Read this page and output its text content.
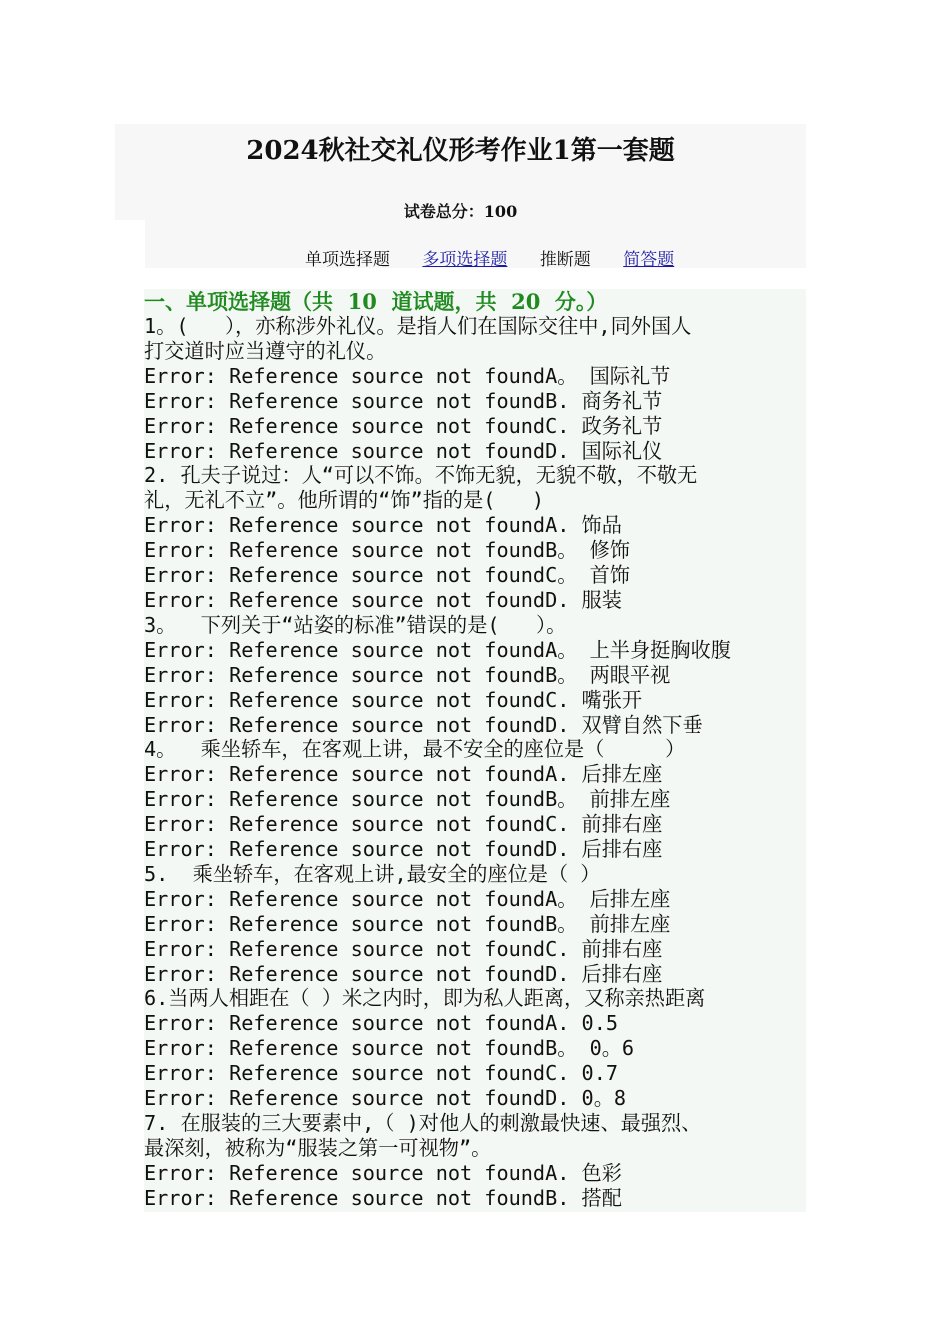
2024秋社交礼仪形考作业1第一套题
试卷总分：100
单项选择题 多项选择题 推断题 简答题
一、单项选择题（共  10  道试题，共  20  分。）
1。(   ），亦称涉外礼仪。是指人们在国际交往中,同外国人
打交道时应当遵守的礼仪。
Error: Reference source not foundA。 国际礼节
Error: Reference source not foundB. 商务礼节
Error: Reference source not foundC. 政务礼节
Error: Reference source not foundD. 国际礼仪
2. 孔夫子说过：人“可以不饰。不饰无貌，无貌不敬，不敬无
礼，无礼不立”。他所谓的“饰”指的是(   )
Error: Reference source not foundA. 饰品
Error: Reference source not foundB。 修饰
Error: Reference source not foundC。 首饰
Error: Reference source not foundD. 服装
3。  下列关于“站姿的标准”错误的是(   ）。
Error: Reference source not foundA。 上半身挺胸收腹
Error: Reference source not foundB。 两眼平视
Error: Reference source not foundC. 嘴张开
Error: Reference source not foundD. 双臂自然下垂
4。  乘坐轿车，在客观上讲，最不安全的座位是（     ）
Error: Reference source not foundA. 后排左座
Error: Reference source not foundB。 前排左座
Error: Reference source not foundC. 前排右座
Error: Reference source not foundD. 后排右座
5.  乘坐轿车，在客观上讲,最安全的座位是（ ）
Error: Reference source not foundA。 后排左座
Error: Reference source not foundB。 前排左座
Error: Reference source not foundC. 前排右座
Error: Reference source not foundD. 后排右座
6.当两人相距在（ ）米之内时，即为私人距离，又称亲热距离
Error: Reference source not foundA. 0.5
Error: Reference source not foundB。 0。6
Error: Reference source not foundC. 0.7
Error: Reference source not foundD. 0。8
7. 在服装的三大要素中,（ )对他人的刺激最快速、最强烈、
最深刻，被称为“服装之第一可视物”。
Error: Reference source not foundA. 色彩
Error: Reference source not foundB. 搭配
